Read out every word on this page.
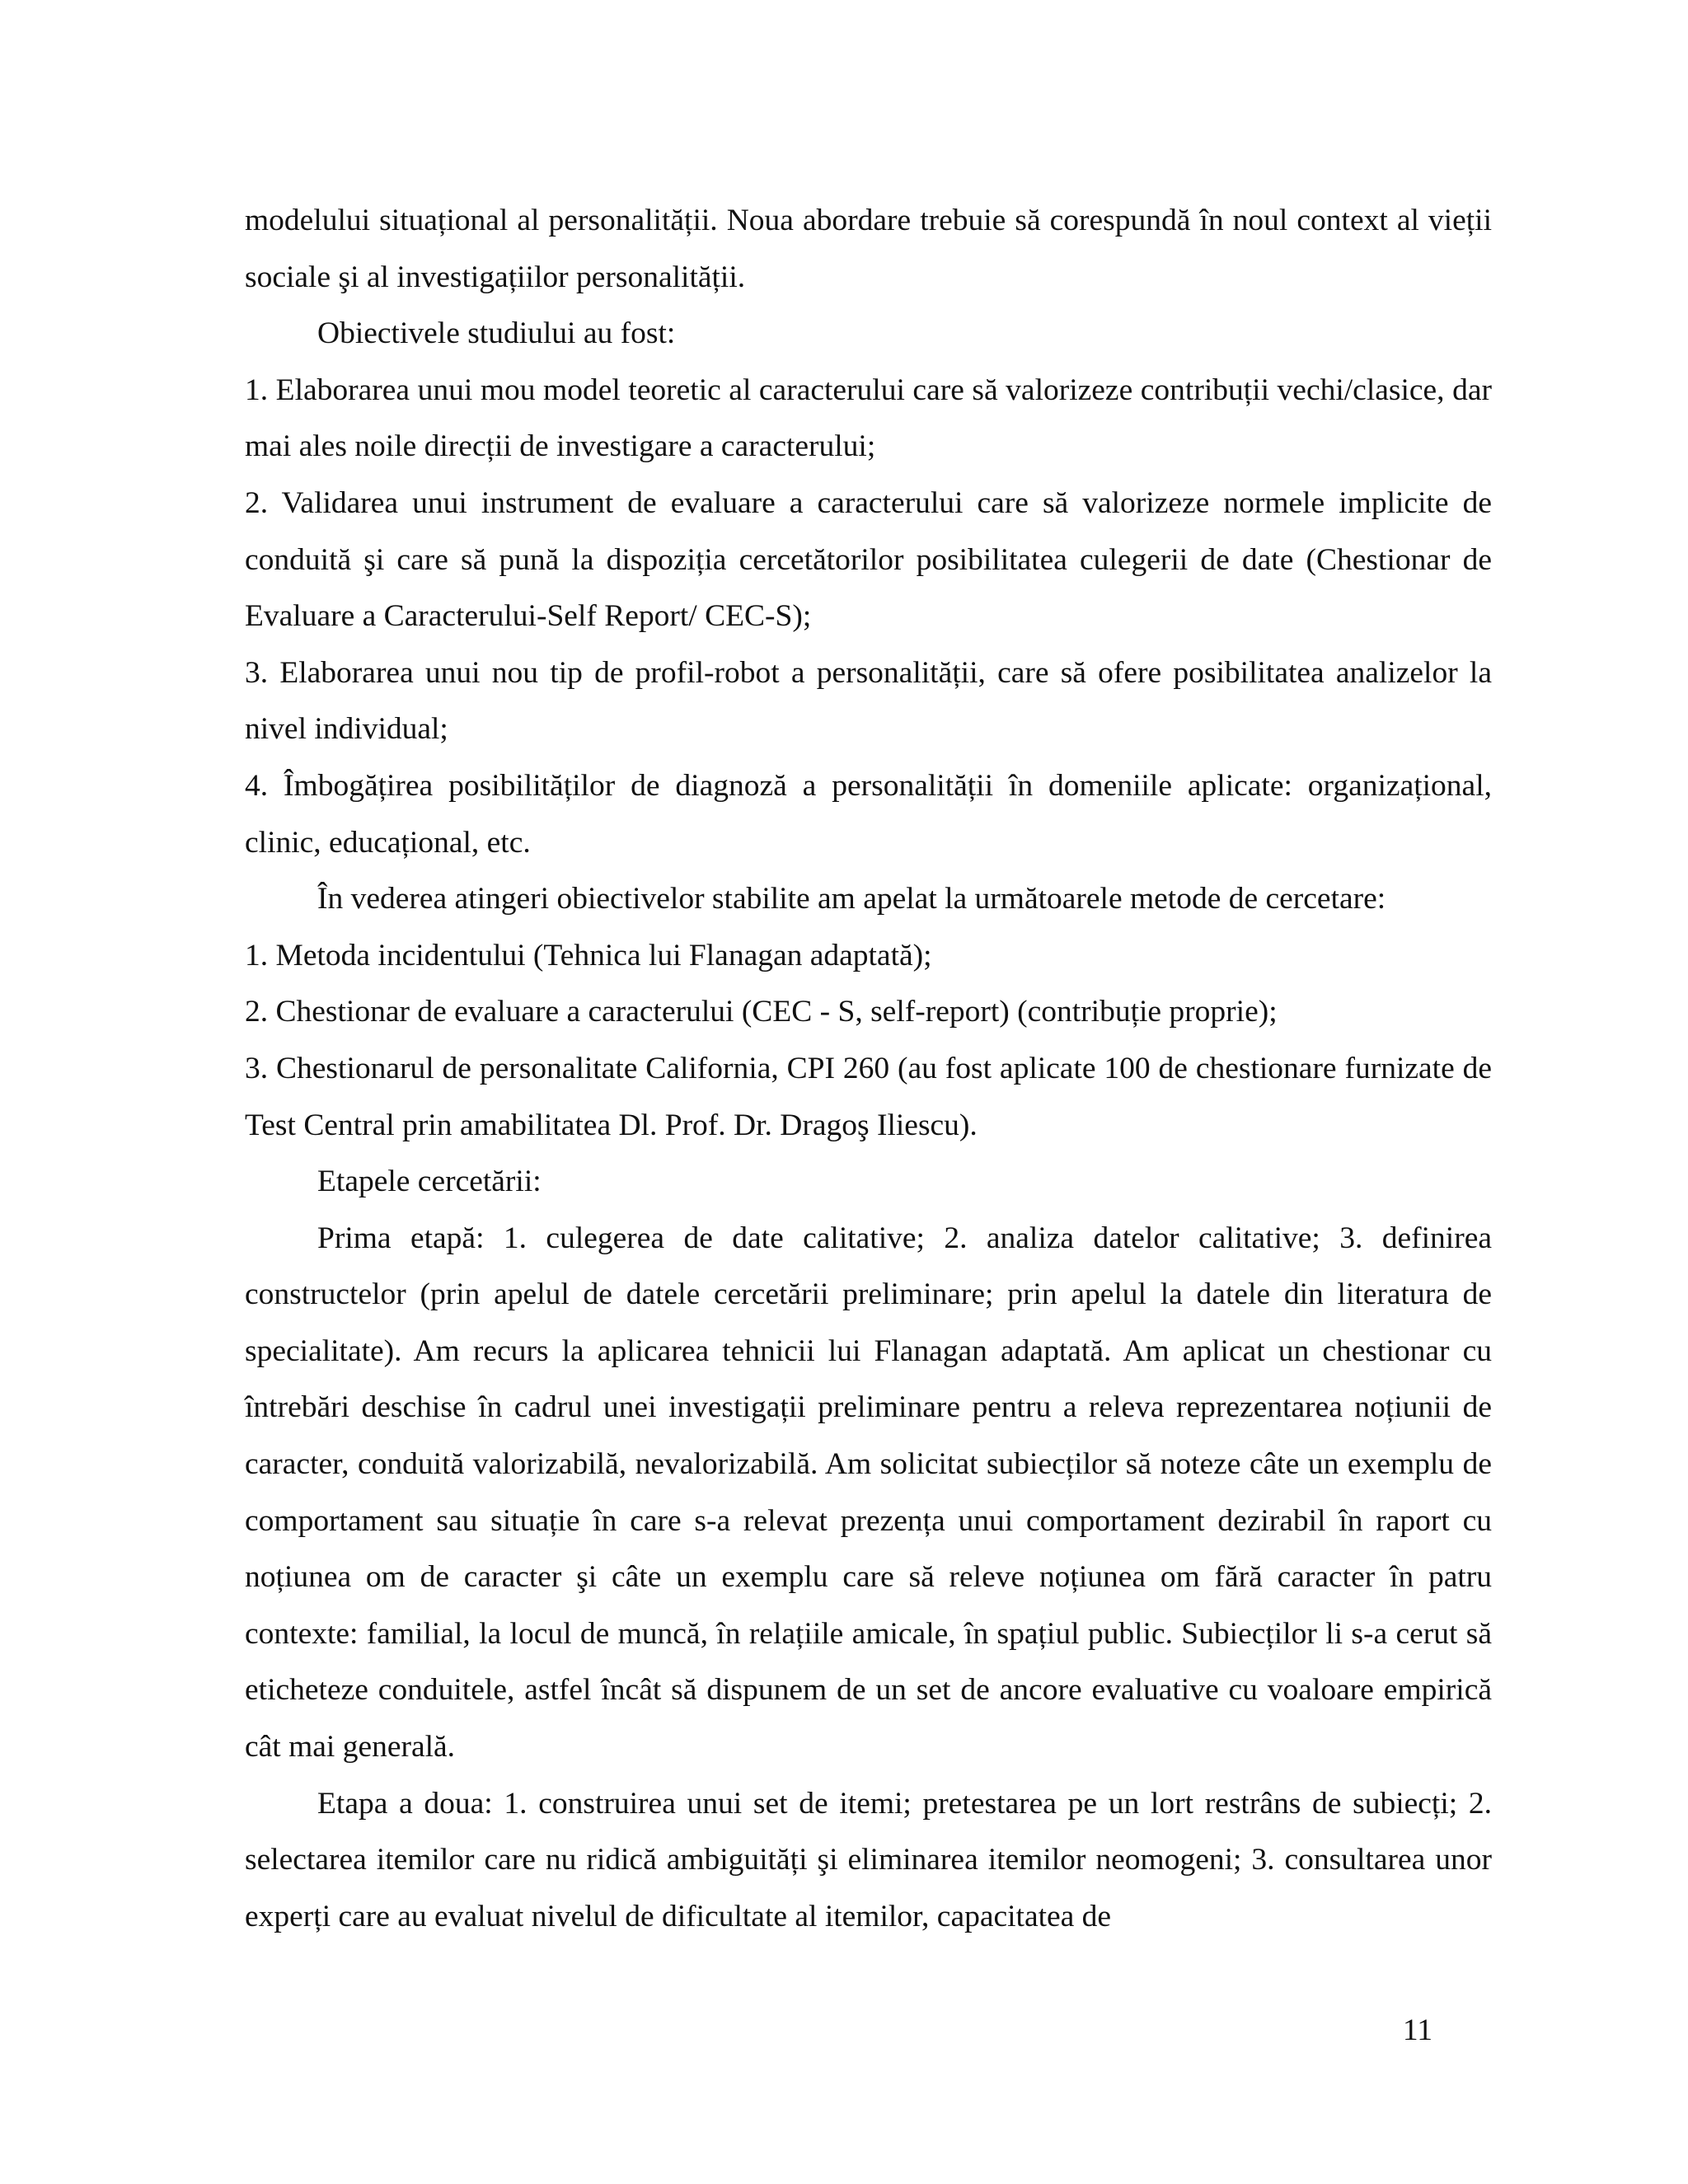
modelului situațional al personalității. Noua abordare trebuie să corespundă în noul context al vieții sociale şi al investigațiilor personalității.

Obiectivele studiului au fost:

1. Elaborarea unui mou model teoretic al caracterului care să valorizeze contribuții vechi/clasice, dar mai ales noile direcții de investigare a caracterului;

2. Validarea unui instrument de evaluare a caracterului care să valorizeze normele implicite de conduită şi care să pună la dispoziția cercetătorilor posibilitatea culegerii de date (Chestionar de Evaluare a Caracterului-Self Report/ CEC-S);

3. Elaborarea unui nou tip de profil-robot a personalității, care să ofere posibilitatea analizelor la nivel individual;

4. Îmbogățirea posibilităților de diagnoză a personalității în domeniile aplicate: organizațional, clinic, educațional, etc.

În vederea atingeri obiectivelor stabilite am apelat la următoarele metode de cercetare:

1. Metoda incidentului (Tehnica lui Flanagan adaptată);

2. Chestionar de evaluare a caracterului (CEC - S, self-report) (contribuție proprie);

3. Chestionarul de personalitate California, CPI 260 (au fost aplicate 100 de chestionare furnizate de Test Central prin amabilitatea Dl. Prof. Dr. Dragoş Iliescu).

Etapele cercetării:

Prima etapă: 1. culegerea de date calitative; 2. analiza datelor calitative; 3. definirea constructelor (prin apelul de datele cercetării preliminare; prin apelul la datele din literatura de specialitate). Am recurs la aplicarea tehnicii lui Flanagan adaptată. Am aplicat un chestionar cu întrebări deschise în cadrul unei investigații preliminare pentru a releva reprezentarea noțiunii de caracter, conduită valorizabilă, nevalorizabilă. Am solicitat subiecților să noteze câte un exemplu de comportament sau situație în care s-a relevat prezența unui comportament dezirabil în raport cu noțiunea om de caracter şi câte un exemplu care să releve noțiunea om fără caracter în patru contexte: familial, la locul de muncă, în relațiile amicale, în spațiul public. Subiecților li s-a cerut să eticheteze conduitele, astfel încât să dispunem de un set de ancore evaluative cu voaloare empirică cât mai generală.

Etapa a doua: 1. construirea unui set de itemi; pretestarea pe un lort restrâns de subiecți; 2. selectarea itemilor care nu ridică ambiguități şi eliminarea itemilor neomogeni; 3. consultarea unor experți care au evaluat nivelul de dificultate al itemilor, capacitatea de

11
